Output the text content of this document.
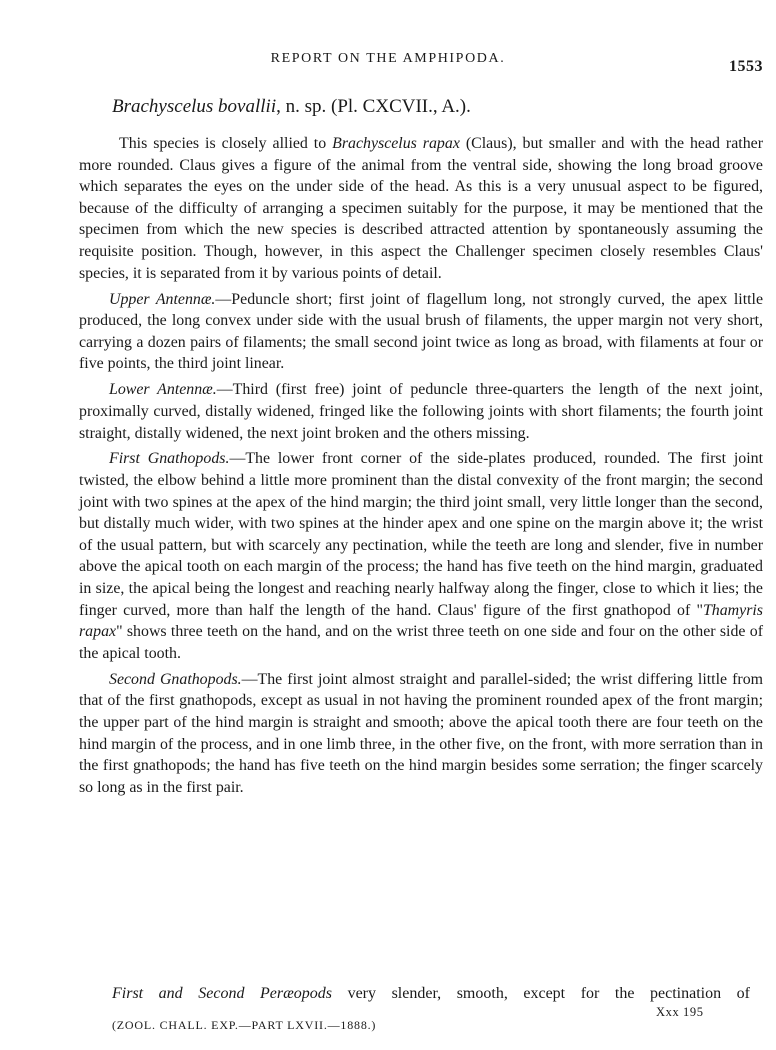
REPORT ON THE AMPHIPODA.	1553
Brachyscelus bovallii, n. sp. (Pl. CXCVII., A.).

This species is closely allied to Brachyscelus rapax (Claus), but smaller and with the head rather more rounded. Claus gives a figure of the animal from the ventral side, showing the long broad groove which separates the eyes on the under side of the head. As this is a very unusual aspect to be figured, because of the difficulty of arranging a specimen suitably for the purpose, it may be mentioned that the specimen from which the new species is described attracted attention by spontaneously assuming the requisite position. Though, however, in this aspect the Challenger specimen closely resembles Claus' species, it is separated from it by various points of detail.

Upper Antennæ.—Peduncle short; first joint of flagellum long, not strongly curved, the apex little produced, the long convex under side with the usual brush of filaments, the upper margin not very short, carrying a dozen pairs of filaments; the small second joint twice as long as broad, with filaments at four or five points, the third joint linear.

Lower Antennæ.—Third (first free) joint of peduncle three-quarters the length of the next joint, proximally curved, distally widened, fringed like the following joints with short filaments; the fourth joint straight, distally widened, the next joint broken and the others missing.

First Gnathopods.—The lower front corner of the side-plates produced, rounded. The first joint twisted, the elbow behind a little more prominent than the distal convexity of the front margin; the second joint with two spines at the apex of the hind margin; the third joint small, very little longer than the second, but distally much wider, with two spines at the hinder apex and one spine on the margin above it; the wrist of the usual pattern, but with scarcely any pectination, while the teeth are long and slender, five in number above the apical tooth on each margin of the process; the hand has five teeth on the hind margin, graduated in size, the apical being the longest and reaching nearly halfway along the finger, close to which it lies; the finger curved, more than half the length of the hand. Claus' figure of the first gnathopod of "Thamyris rapax" shows three teeth on the hand, and on the wrist three teeth on one side and four on the other side of the apical tooth.

Second Gnathopods.—The first joint almost straight and parallel-sided; the wrist differing little from that of the first gnathopods, except as usual in not having the prominent rounded apex of the front margin; the upper part of the hind margin is straight and smooth; above the apical tooth there are four teeth on the hind margin of the process, and in one limb three, in the other five, on the front, with more serration than in the first gnathopods; the hand has five teeth on the hind margin besides some serration; the finger scarcely so long as in the first pair.

First and Second Peræopods very slender, smooth, except for the pectination of
Xxx 195
(ZOOL. CHALL. EXP.—PART LXVII.—1888.)
